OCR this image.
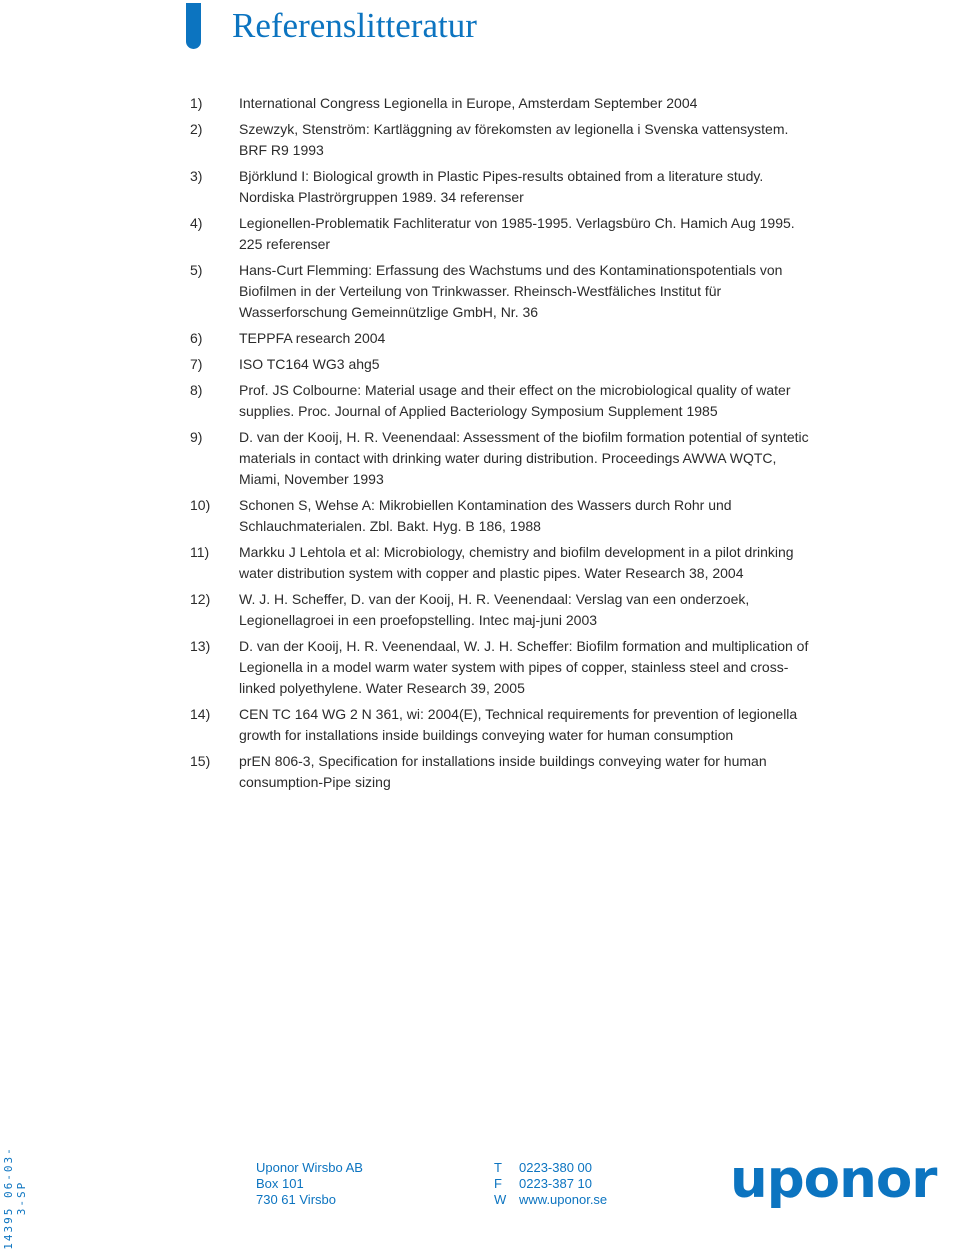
Referenslitteratur
1)	International Congress Legionella in Europe, Amsterdam September 2004
2)	Szewzyk, Stenström: Kartläggning av förekomsten av legionella i Svenska vattensystem. BRF R9 1993
3)	Björklund I: Biological growth in Plastic Pipes-results obtained from a literature study. Nordiska Plaströrgruppen 1989. 34 referenser
4)	Legionellen-Problematik Fachliteratur von 1985-1995. Verlagsbüro Ch. Hamich Aug 1995. 225 referenser
5)	Hans-Curt Flemming: Erfassung des Wachstums und des Kontaminationspotentials von Biofilmen in der Verteilung von Trinkwasser. Rheinsch-Westfäliches Institut für Wasserforschung Gemeinnützlige GmbH, Nr. 36
6)	TEPPFA research 2004
7)	ISO TC164 WG3 ahg5
8)	Prof. JS Colbourne: Material usage and their effect on the microbiological quality of water supplies. Proc. Journal of Applied Bacteriology Symposium Supplement 1985
9)	D. van der Kooij, H. R. Veenendaal: Assessment of the biofilm formation potential of syntetic materials in contact with drinking water during distribution. Proceedings AWWA WQTC, Miami, November 1993
10)	Schonen S, Wehse A: Mikrobiellen Kontamination des Wassers durch Rohr und Schlauchmaterialen. Zbl. Bakt. Hyg. B 186, 1988
11)	Markku J Lehtola et al: Microbiology, chemistry and biofilm development in a pilot drinking water distribution system with copper and plastic pipes. Water Research 38, 2004
12)	W. J. H. Scheffer, D. van der Kooij, H. R. Veenendaal: Verslag van een onderzoek, Legionellagroei in een proefopstelling. Intec maj-juni 2003
13)	D. van der Kooij, H. R. Veenendaal, W. J. H. Scheffer: Biofilm formation and multiplication of Legionella in a model warm water system with pipes of copper, stainless steel and cross-linked polyethylene. Water Research 39, 2005
14)	CEN TC 164 WG 2 N 361, wi: 2004(E), Technical requirements for prevention of legionella growth for installations inside buildings conveying water for human consumption
15)	prEN 806-3, Specification for installations inside buildings conveying water for human consumption-Pipe sizing
14395 06-03-3-SP
Uponor Wirsbo AB
Box 101
730 61 Virsbo
T	0223-380 00
F	0223-387 10
W www.uponor.se uponor
